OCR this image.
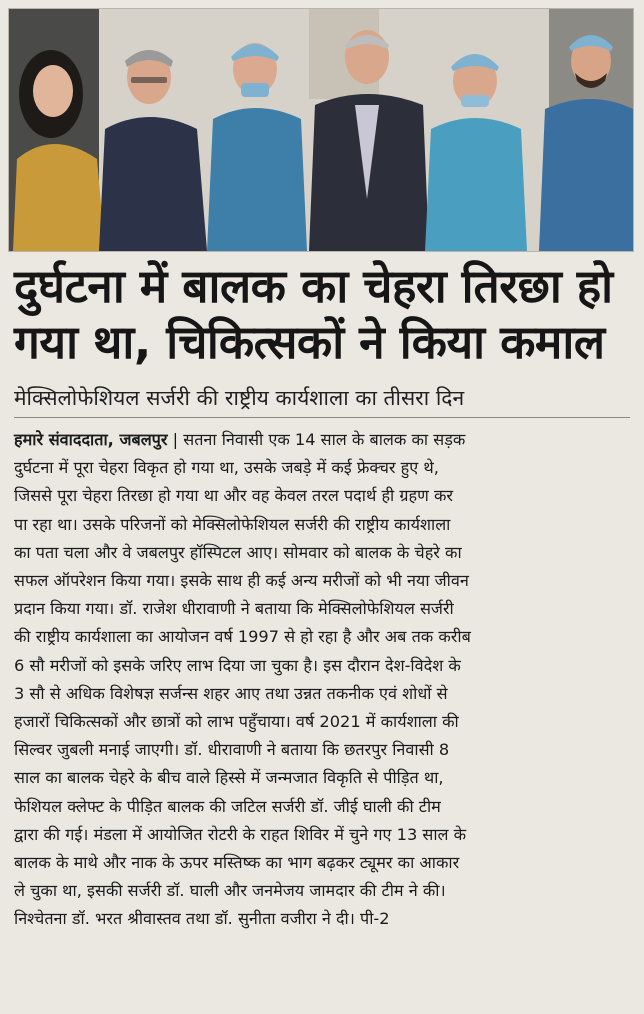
दुर्घटना में बालक का चेहरा तिरछा हो
गया था, चिकित्सकों ने किया कमाल
मेक्सिलोफेशियल सर्जरी की राष्ट्रीय कार्यशाला का तीसरा दिन
हमारे संवाददाता, जबलपुर | सतना निवासी एक 14 साल के बालक का सड़क
दुर्घटना में पूरा चेहरा विकृत हो गया था, उसके जबड़े में कई फ्रेक्चर हुए थे,
जिससे पूरा चेहरा तिरछा हो गया था और वह केवल तरल पदार्थ ही ग्रहण कर
पा रहा था। उसके परिजनों को मेक्सिलोफेशियल सर्जरी की राष्ट्रीय कार्यशाला
का पता चला और वे जबलपुर हॉस्पिटल आए। सोमवार को बालक के चेहरे का
सफल ऑपरेशन किया गया। इसके साथ ही कई अन्य मरीजों को भी नया जीवन
प्रदान किया गया। डॉ. राजेश धीरावाणी ने बताया कि मेक्सिलोफेशियल सर्जरी
की राष्ट्रीय कार्यशाला का आयोजन वर्ष 1997 से हो रहा है और अब तक करीब
6 सौ मरीजों को इसके जरिए लाभ दिया जा चुका है। इस दौरान देश-विदेश के
3 सौ से अधिक विशेषज्ञ सर्जन्स शहर आए तथा उन्नत तकनीक एवं शोधों से
हजारों चिकित्सकों और छात्रों को लाभ पहुँचाया। वर्ष 2021 में कार्यशाला की
सिल्वर जुबली मनाई जाएगी। डॉ. धीरावाणी ने बताया कि छतरपुर निवासी 8
साल का बालक चेहरे के बीच वाले हिस्से में जन्मजात विकृति से पीड़ित था,
फेशियल क्लेफ्ट के पीड़ित बालक की जटिल सर्जरी डॉ. जीई घाली की टीम
द्वारा की गई। मंडला में आयोजित रोटरी के राहत शिविर में चुने गए 13 साल के
बालक के माथे और नाक के ऊपर मस्तिष्क का भाग बढ़कर ट्यूमर का आकार
ले चुका था, इसकी सर्जरी डॉ. घाली और जनमेजय जामदार की टीम ने की।
निश्चेतना डॉ. भरत श्रीवास्तव तथा डॉ. सुनीता वजीरा ने दी। पी-2
